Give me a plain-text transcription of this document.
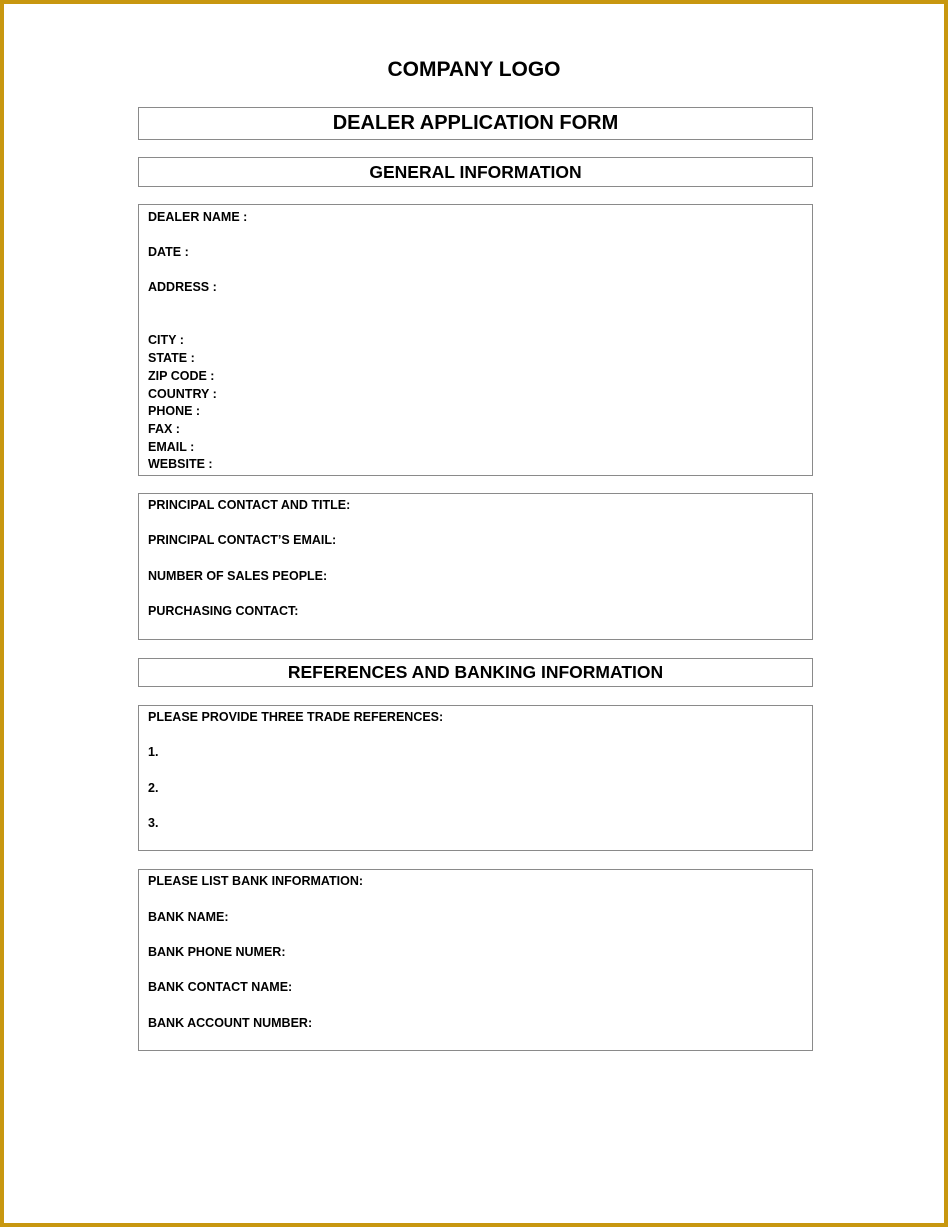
COMPANY LOGO
DEALER APPLICATION FORM
GENERAL INFORMATION
DEALER NAME :
DATE :
ADDRESS :
CITY :
STATE :
ZIP CODE :
COUNTRY :
PHONE :
FAX :
EMAIL :
WEBSITE :
PRINCIPAL CONTACT AND TITLE:
PRINCIPAL CONTACT’S EMAIL:
NUMBER OF SALES PEOPLE:
PURCHASING CONTACT:
REFERENCES AND BANKING INFORMATION
PLEASE PROVIDE THREE TRADE REFERENCES:
1.
2.
3.
PLEASE LIST BANK INFORMATION:
BANK NAME:
BANK PHONE NUMER:
BANK CONTACT NAME:
BANK ACCOUNT NUMBER:
